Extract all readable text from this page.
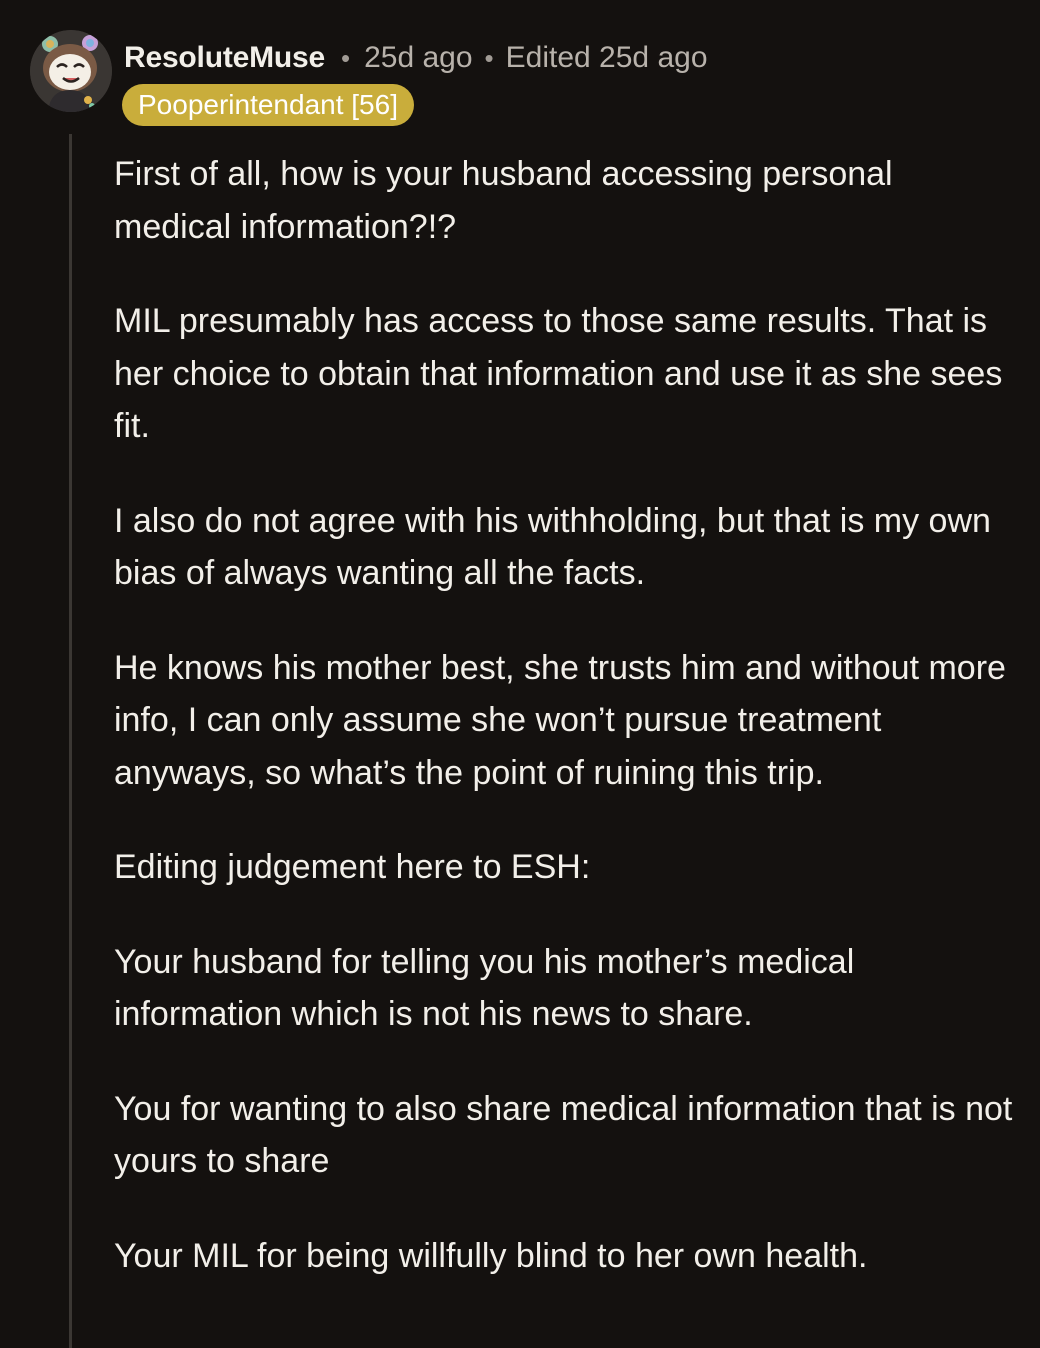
ResoluteMuse • 25d ago • Edited 25d ago
Pooperintendant [56]

First of all, how is your husband accessing personal medical information?!?

MIL presumably has access to those same results. That is her choice to obtain that information and use it as she sees fit.

I also do not agree with his withholding, but that is my own bias of always wanting all the facts.

He knows his mother best, she trusts him and without more info, I can only assume she won’t pursue treatment anyways, so what’s the point of ruining this trip.

Editing judgement here to ESH:

Your husband for telling you his mother’s medical information which is not his news to share.

You for wanting to also share medical information that is not yours to share

Your MIL for being willfully blind to her own health.
